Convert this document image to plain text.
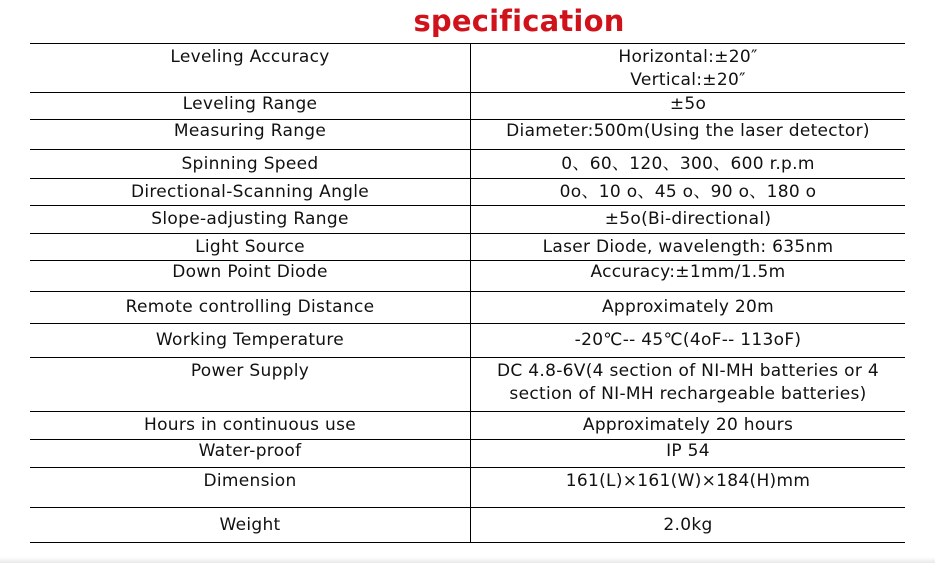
specification
Leveling Accuracy	Horizontal:±20″
Vertical:±20″

Leveling Range	±5o
Measuring Range	Diameter:500m(Using the laser detector)
Spinning Speed	0、60、120、300、600 r.p.m
Directional-Scanning Angle	0o、10 o、45 o、90 o、180 o
Slope-adjusting Range	±5o(Bi-directional)
Light Source	Laser Diode, wavelength: 635nm
Down Point Diode	Accuracy:±1mm/1.5m
Remote controlling Distance	Approximately 20m
Working Temperature	-20℃-- 45℃(4oF-- 113oF)
Power Supply	DC 4.8-6V(4 section of NI-MH batteries or 4
section of NI-MH rechargeable batteries)

Hours in continuous use	Approximately 20 hours
Water-proof	IP 54
Dimension	161(L)×161(W)×184(H)mm
Weight	2.0kg
